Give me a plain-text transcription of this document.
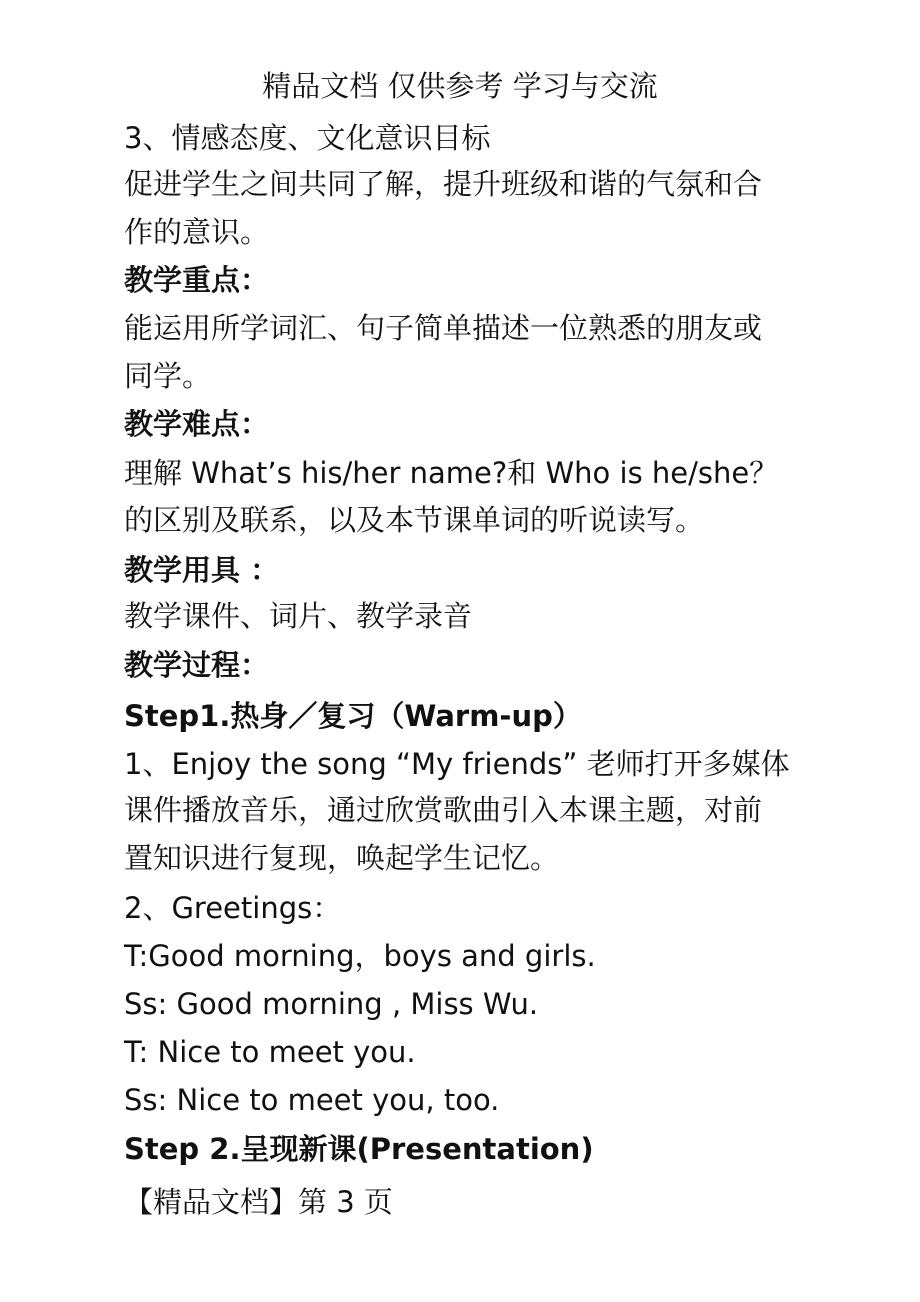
精品文档 仅供参考 学习与交流
3、情感态度、文化意识目标
促进学生之间共同了解，提升班级和谐的气氛和合
作的意识。
教学重点：
能运用所学词汇、句子简单描述一位熟悉的朋友或
同学。
教学难点：
理解 What’s his/her name?和 Who is he/she？
的区别及联系，以及本节课单词的听说读写。
教学用具 ：
教学课件、词片、教学录音
教学过程：
Step1.热身／复习（Warm-up）
1、Enjoy the song “My friends” 老师打开多媒体
课件播放音乐，通过欣赏歌曲引入本课主题，对前
置知识进行复现，唤起学生记忆。
2、Greetings：
T:Good morning，boys and girls.
Ss: Good morning , Miss Wu.
T: Nice to meet you.
Ss: Nice to meet you, too.
Step 2.呈现新课(Presentation)
【精品文档】第 3 页
